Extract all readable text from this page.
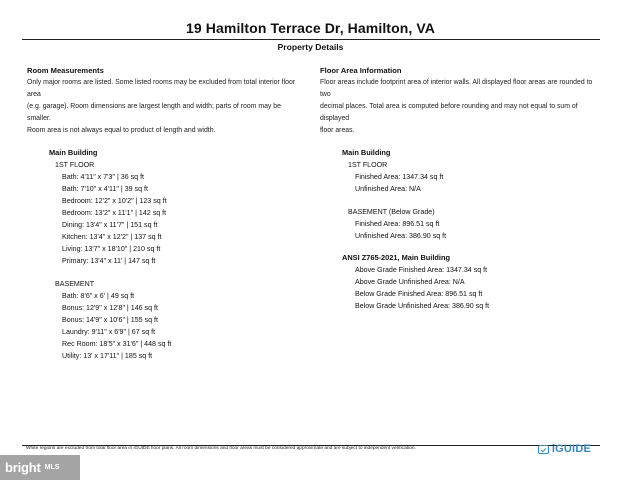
19 Hamilton Terrace Dr, Hamilton, VA
Property Details
Room Measurements
Only major rooms are listed. Some listed rooms may be excluded from total interior floor area
(e.g. garage). Room dimensions are largest length and width; parts of room may be smaller.
Room area is not always equal to product of length and width.
Main Building
1ST FLOOR
Bath: 4'11" x 7'3" | 36 sq ft
Bath: 7'10" x 4'11" | 39 sq ft
Bedroom: 12'2" x 10'2" | 123 sq ft
Bedroom: 13'2" x 11'1" | 142 sq ft
Dining: 13'4" x 11'7" | 151 sq ft
Kitchen: 13'4" x 12'2" | 137 sq ft
Living: 13'7" x 18'10" | 210 sq ft
Primary: 13'4" x 11' | 147 sq ft
BASEMENT
Bath: 8'6" x 6' | 49 sq ft
Bonus: 12'9" x 12'8" | 146 sq ft
Bonus: 14'9" x 10'6" | 155 sq ft
Laundry: 9'11" x 6'9" | 67 sq ft
Rec Room: 18'5" x 31'6" | 448 sq ft
Utility: 13' x 17'11" | 185 sq ft
Floor Area Information
Floor areas include footprint area of interior walls. All displayed floor areas are rounded to two
decimal places. Total area is computed before rounding and may not equal to sum of displayed
floor areas.
Main Building
1ST FLOOR
Finished Area: 1347.34 sq ft
Unfinished Area: N/A
BASEMENT (Below Grade)
Finished Area: 896.51 sq ft
Unfinished Area: 386.90 sq ft
ANSI Z765-2021, Main Building
Above Grade Finished Area: 1347.34 sq ft
Above Grade Unfinished Area: N/A
Below Grade Finished Area: 896.51 sq ft
Below Grade Unfinished Area: 386.90 sq ft
White regions are excluded from total floor area in iGUIDE floor plans. All room dimensions and floor areas must be considered approximate and are subject to independent verification.	iGUIDE
bright MLS
